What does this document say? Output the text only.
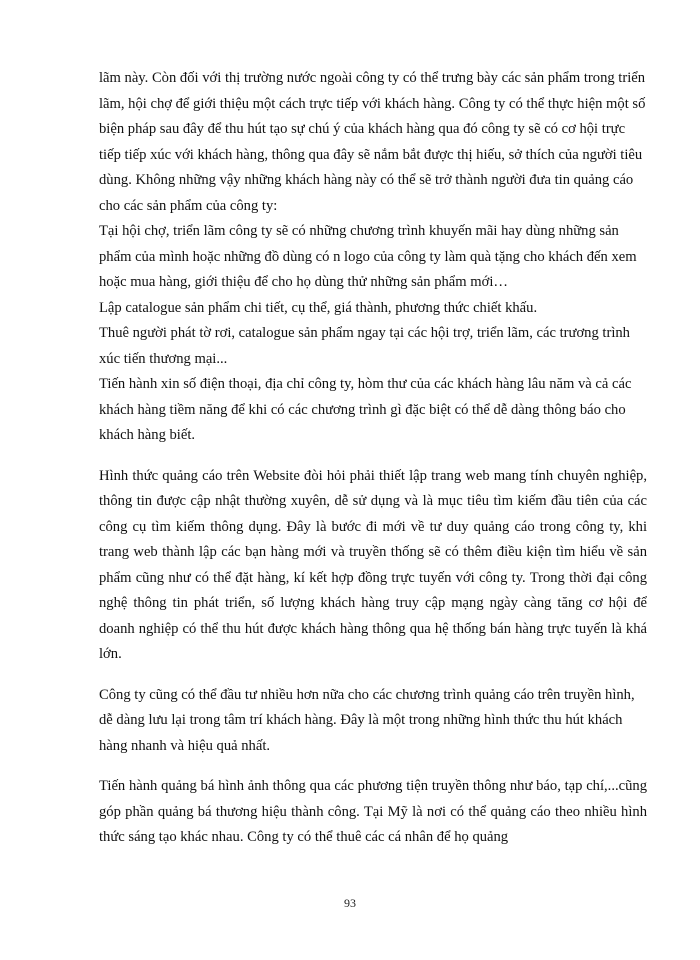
lãm này. Còn đối với thị trường nước ngoài công ty có thể trưng bày các sản phẩm trong triển lãm, hội chợ để giới thiệu một cách trực tiếp với khách hàng. Công ty có thể thực hiện một số biện pháp sau đây để thu hút tạo sự chú ý của khách hàng qua đó công ty sẽ có cơ hội trực tiếp tiếp xúc với khách hàng, thông qua đây sẽ nắm bắt được thị hiếu, sở thích của người tiêu dùng. Không những vậy những khách hàng này có thể sẽ trở thành người đưa tin quảng cáo cho các sản phẩm của công ty:

Tại hội chợ, triển lãm công ty sẽ có những chương trình khuyến mãi hay dùng những sản phẩm của mình hoặc những đồ dùng có n logo của công ty làm quà tặng cho khách đến xem hoặc mua hàng, giới thiệu để cho họ dùng thử những sản phẩm mới…

Lập catalogue sản phẩm chi tiết, cụ thể, giá thành, phương thức chiết khấu.

Thuê người phát tờ rơi, catalogue sản phẩm ngay tại các hội trợ, triển lãm, các trương trình xúc tiến thương mại...

Tiến hành xin số điện thoại, địa chỉ công ty, hòm thư của các khách hàng lâu năm và cả các khách hàng tiềm năng để khi có các chương trình gì đặc biệt có thể dễ dàng thông báo cho khách hàng biết.

Hình thức quảng cáo trên Website đòi hỏi phải thiết lập trang web mang tính chuyên nghiệp, thông tin được cập nhật thường xuyên, dễ sử dụng và là mục tiêu tìm kiếm đầu tiên của các công cụ tìm kiếm thông dụng. Đây là bước đi mới về tư duy quảng cáo trong công ty, khi trang web thành lập các bạn hàng mới và truyền thống sẽ có thêm điều kiện tìm hiểu về sản phẩm cũng như có thể đặt hàng, kí kết hợp đồng trực tuyến với công ty. Trong thời đại công nghệ thông tin phát triển, số lượng khách hàng truy cập mạng ngày càng tăng cơ hội để doanh nghiệp có thể thu hút được khách hàng thông qua hệ thống bán hàng trực tuyến là khá lớn.

Công ty cũng có thể đầu tư nhiều hơn nữa cho các chương trình quảng cáo trên truyền hình, dễ dàng lưu lại trong tâm trí khách hàng. Đây là một trong những hình thức thu hút khách hàng nhanh và hiệu quả nhất.

Tiến hành quảng bá hình ảnh thông qua các phương tiện truyền thông như báo, tạp chí,...cũng góp phần quảng bá thương hiệu thành công. Tại Mỹ là nơi có thể quảng cáo theo nhiều hình thức sáng tạo khác nhau. Công ty có thể thuê các cá nhân để họ quảng

93
